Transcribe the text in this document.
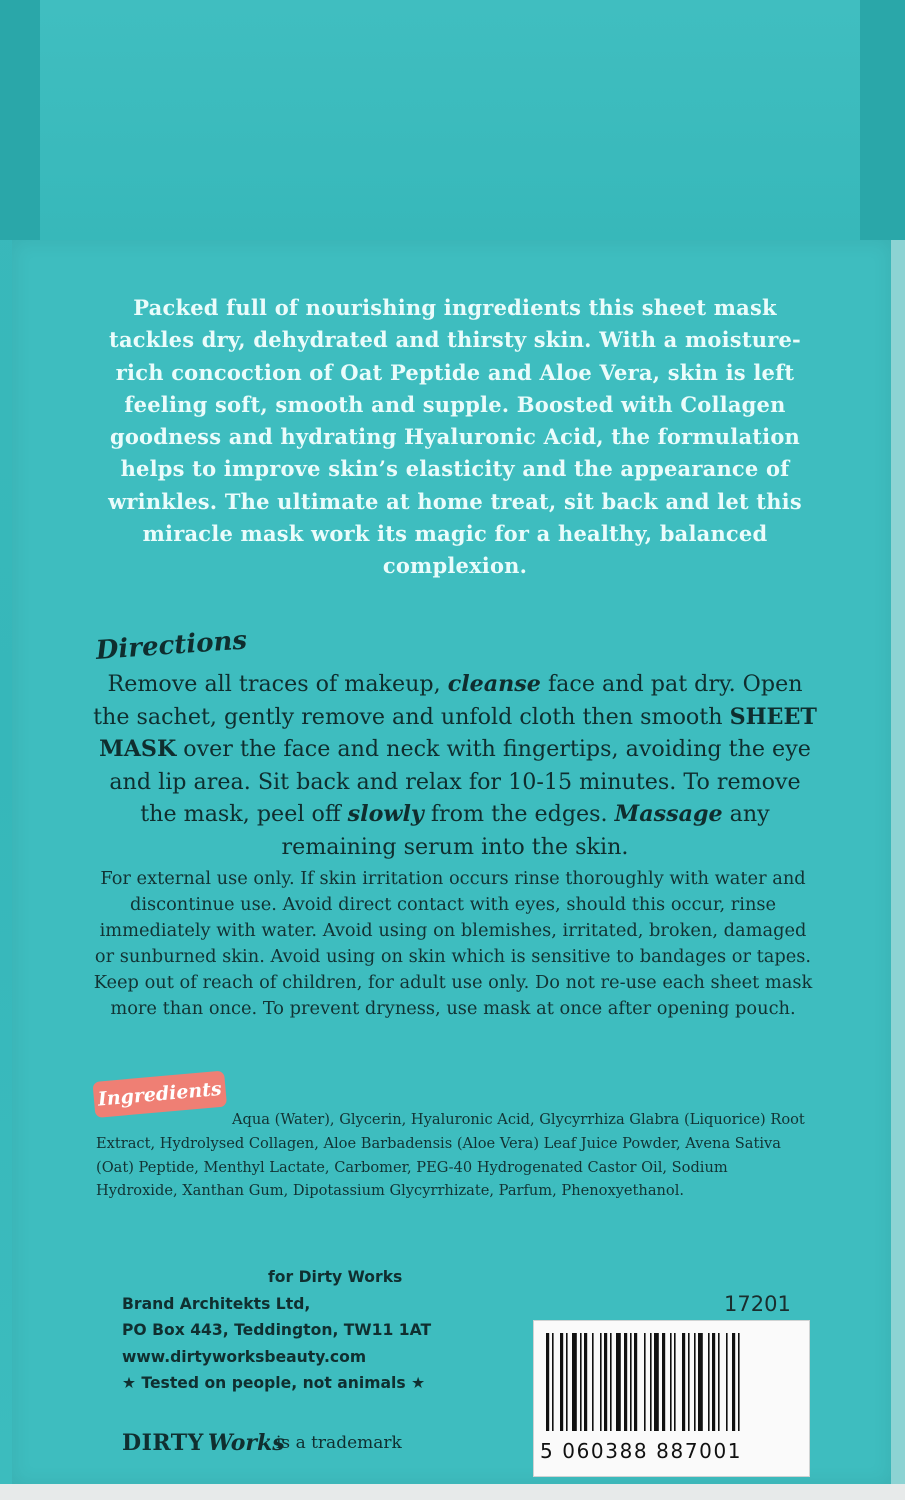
Packed full of nourishing ingredients this sheet mask tackles dry, dehydrated and thirsty skin. With a moisture-rich concoction of Oat Peptide and Aloe Vera, skin is left feeling soft, smooth and supple. Boosted with Collagen goodness and hydrating Hyaluronic Acid, the formulation helps to improve skin’s elasticity and the appearance of wrinkles. The ultimate at home treat, sit back and let this miracle mask work its magic for a healthy, balanced complexion.
Directions
Remove all traces of makeup, cleanse face and pat dry. Open the sachet, gently remove and unfold cloth then smooth SHEET MASK over the face and neck with fingertips, avoiding the eye and lip area. Sit back and relax for 10-15 minutes. To remove the mask, peel off slowly from the edges. Massage any remaining serum into the skin.
For external use only. If skin irritation occurs rinse thoroughly with water and discontinue use. Avoid direct contact with eyes, should this occur, rinse immediately with water. Avoid using on blemishes, irritated, broken, damaged or sunburned skin. Avoid using on skin which is sensitive to bandages or tapes. Keep out of reach of children, for adult use only. Do not re-use each sheet mask more than once. To prevent dryness, use mask at once after opening pouch.
Ingredients
Aqua (Water), Glycerin, Hyaluronic Acid, Glycyrrhiza Glabra (Liquorice) Root Extract, Hydrolysed Collagen, Aloe Barbadensis (Aloe Vera) Leaf Juice Powder, Avena Sativa (Oat) Peptide, Menthyl Lactate, Carbomer, PEG-40 Hydrogenated Castor Oil, Sodium Hydroxide, Xanthan Gum, Dipotassium Glycyrrhizate, Parfum, Phenoxyethanol.
for Dirty Works
Brand Architekts Ltd,
PO Box 443, Teddington, TW11 1AT
www.dirtyworksbeauty.com
★ Tested on people, not animals ★
17201
5 060388 887001
DIRTY Works
is a trademark
